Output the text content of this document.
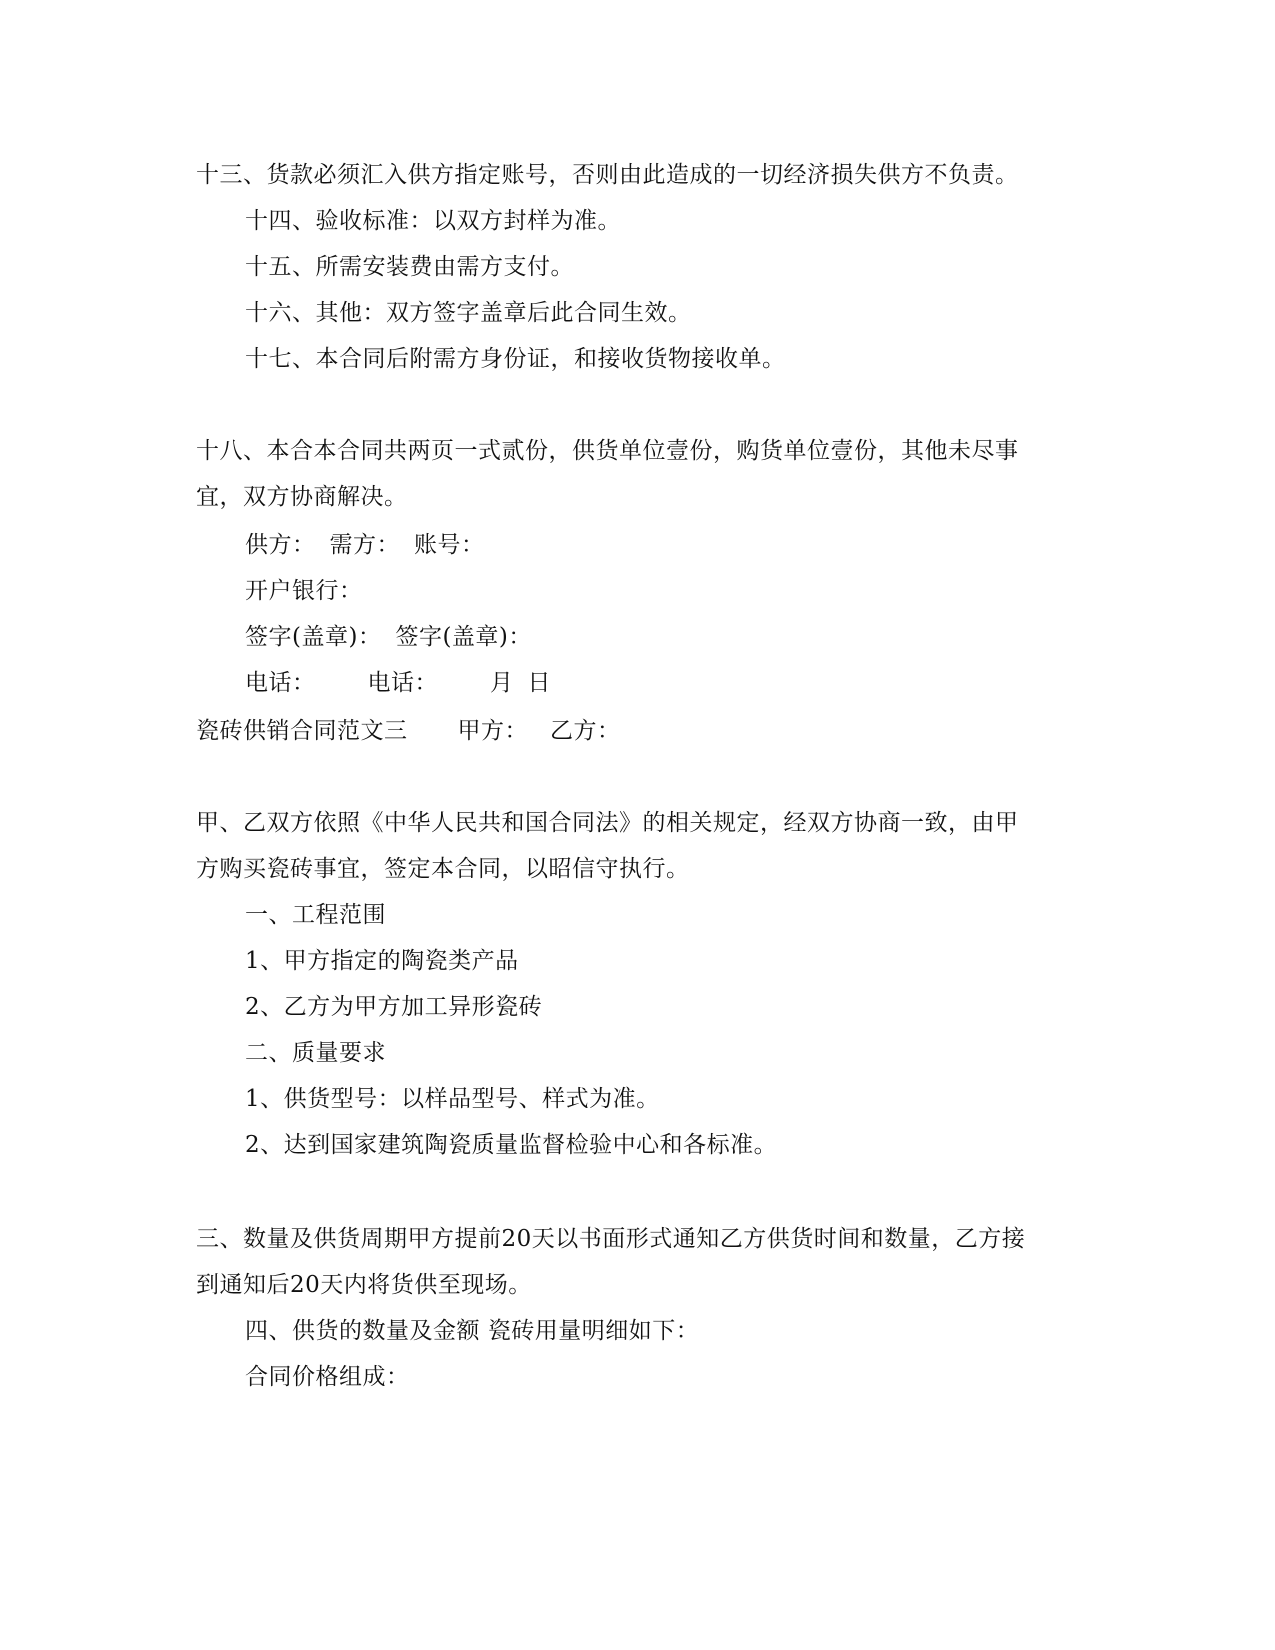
十三、货款必须汇入供方指定账号，否则由此造成的一切经济损失供方不负责。
十四、验收标准：以双方封样为准。
十五、所需安装费由需方支付。
十六、其他：双方签字盖章后此合同生效。
十七、本合同后附需方身份证，和接收货物接收单。
十八、本合本合同共两页一式贰份，供货单位壹份，购货单位壹份，其他未尽事
宜，双方协商解决。
供方： 需方： 账号：
开户银行：
签字(盖章)： 签字(盖章)：
电话： 电话： 月 日
瓷砖供销合同范文三 甲方： 乙方：
甲、乙双方依照《中华人民共和国合同法》的相关规定，经双方协商一致，由甲
方购买瓷砖事宜，签定本合同，以昭信守执行。
一、工程范围
1、甲方指定的陶瓷类产品
2、乙方为甲方加工异形瓷砖
二、质量要求
1、供货型号：以样品型号、样式为准。
2、达到国家建筑陶瓷质量监督检验中心和各标准。
三、数量及供货周期甲方提前20天以书面形式通知乙方供货时间和数量，乙方接
到通知后20天内将货供至现场。
四、供货的数量及金额 瓷砖用量明细如下：
合同价格组成：
